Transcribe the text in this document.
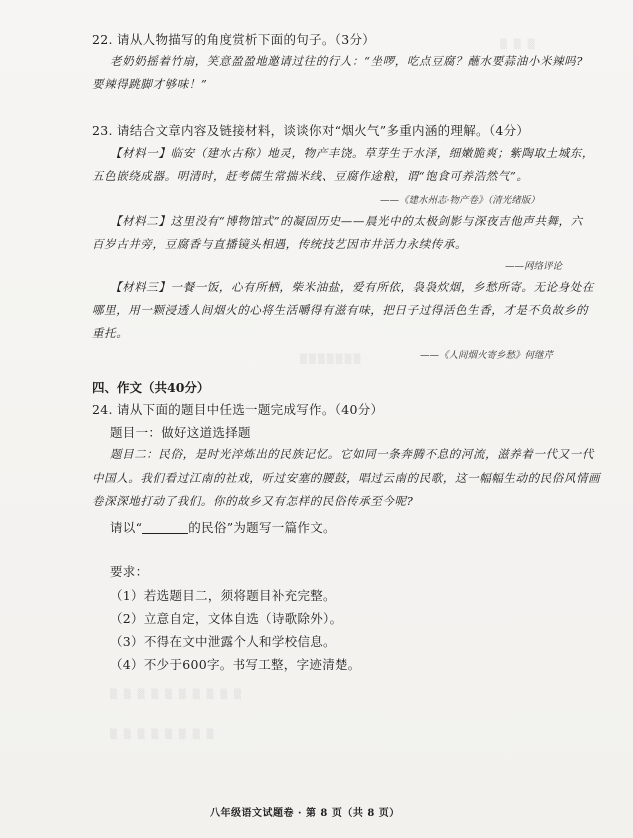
▒ ▒ ▒
▒▒▒▒▒▒▒
▒ ▒ ▒ ▒ ▒ ▒ ▒ ▒ ▒ ▒
▒ ▒ ▒ ▒ ▒ ▒ ▒ ▒
22. 请从人物描写的角度赏析下面的句子。（3分）
老奶奶摇着竹扇，笑意盈盈地邀请过往的行人：“坐啰，吃点豆腐？蘸水要蒜油小米辣吗?
要辣得跳脚才够味！”
23. 请结合文章内容及链接材料，谈谈你对“烟火气”多重内涵的理解。（4分）
【材料一】临安（建水古称）地灵，物产丰饶。草芽生于水泽，细嫩脆爽；紫陶取土城东，
五色嵌绕成器。明清时，赶考儒生常揣米线、豆腐作途粮，谓“饱食可养浩然气”。
——《建水州志·物产卷》（清光绪版）
【材料二】这里没有“博物馆式”的凝固历史——晨光中的太极剑影与深夜吉他声共舞，六
百岁古井旁，豆腐香与直播镜头相遇，传统技艺因市井活力永续传承。
——网络评论
【材料三】一餐一饭，心有所栖，柴米油盐，爱有所依，袅袅炊烟，乡愁所寄。无论身处在
哪里，用一颗浸透人间烟火的心将生活嚼得有滋有味，把日子过得活色生香，才是不负故乡的
重托。
——《人间烟火寄乡愁》何继芹
四、作文（共40分）
24. 请从下面的题目中任选一题完成写作。（40分）
题目一：做好这道选择题
题目二：民俗，是时光淬炼出的民族记忆。它如同一条奔腾不息的河流，滋养着一代又一代
中国人。我们看过江南的社戏，听过安塞的腰鼓，唱过云南的民歌，这一幅幅生动的民俗风情画
卷深深地打动了我们。你的故乡又有怎样的民俗传承至今呢?
请以“	的民俗”为题写一篇作文。
要求：
（1）若选题目二，须将题目补充完整。
（2）立意自定，文体自选（诗歌除外）。
（3）不得在文中泄露个人和学校信息。
（4）不少于600字。书写工整，字迹清楚。
八年级语文试题卷 · 第 8 页（共 8 页）
